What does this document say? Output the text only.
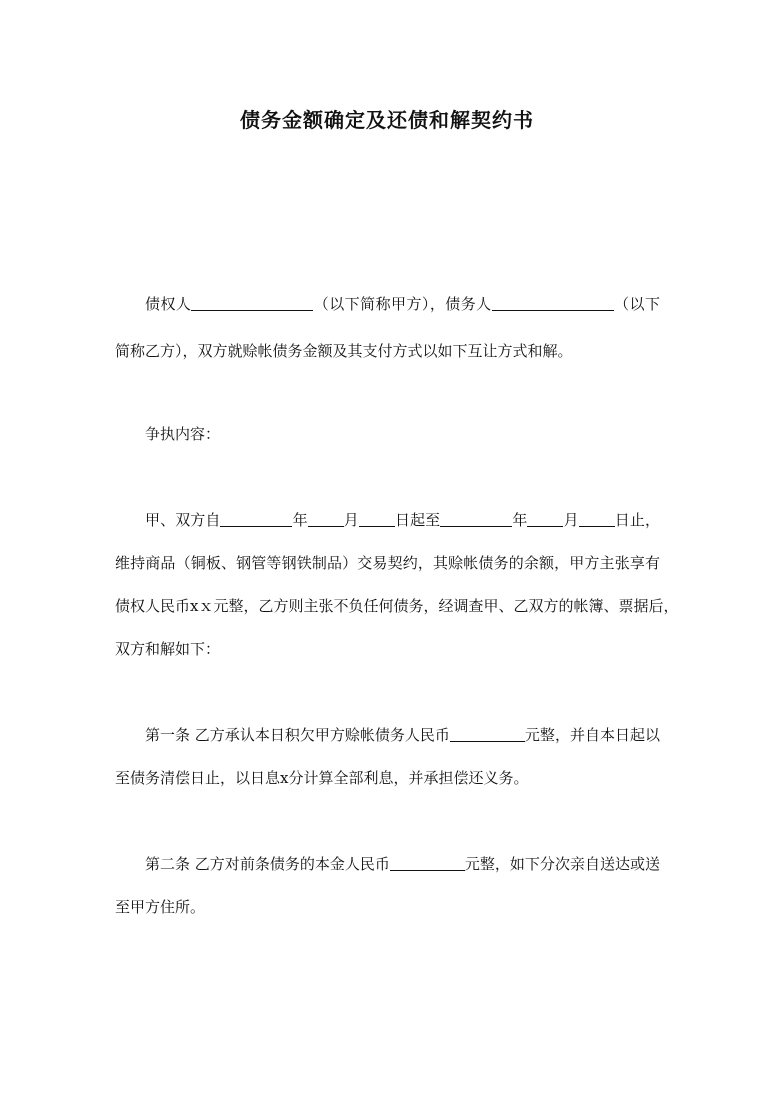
债务金额确定及还债和解契约书
债权人	（以下简称甲方），债务人	（以下
简称乙方），双方就赊帐债务金额及其支付方式以如下互让方式和解。
争执内容：
甲、双方自	年 月 日起至	年 月 日止，
维持商品（铜板、钢管等钢铁制品）交易契约，其赊帐债务的余额，甲方主张享有
债权人民币xｘ元整，乙方则主张不负任何债务，经调查甲、乙双方的帐簿、票据后，
双方和解如下：
第一条 乙方承认本日积欠甲方赊帐债务人民币	元整，并自本日起以
至债务清偿日止，以日息x分计算全部利息，并承担偿还义务。
第二条 乙方对前条债务的本金人民币	元整，如下分次亲自送达或送
至甲方住所。
